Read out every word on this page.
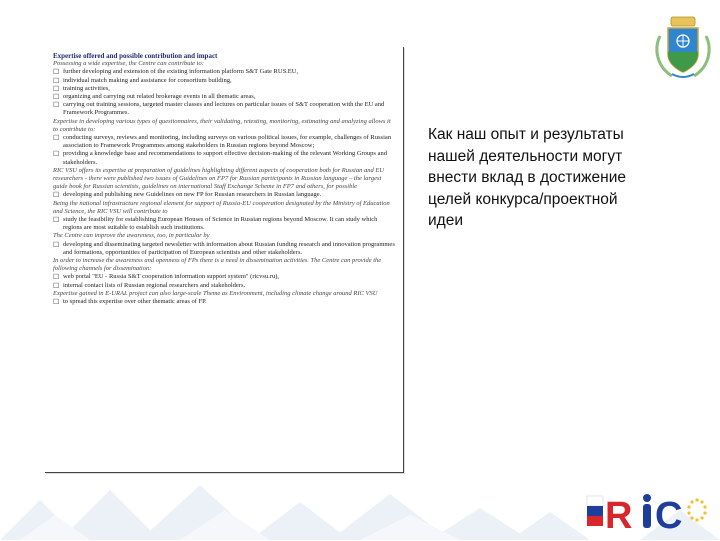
Expertise offered and possible contribution and impact
Possessing a wide expertise, the Centre can contribute to:
☐ further developing and extension of the existing information platform S&T Gate RUS.EU,
☐ individual match making and assistance for consortium building,
☐ training activities,
☐ organizing and carrying out related brokerage events in all thematic areas,
☐ carrying out training sessions, targeted master classes and lectures on particular issues of S&T cooperation with the EU and Framework Programmes.
Expertise in developing various types of questionnaires, their validating, retesting, monitoring, estimating and analyzing allows it to contribute to:
☐ conducting surveys, reviews and monitoring, including surveys on various political issues, for example, challenges of Russian association to Framework Programmes among stakeholders in Russian regions beyond Moscow;
☐ providing a knowledge base and recommendations to support effective decision-making of the relevant Working Groups and stakeholders.
RIC VSU offers its expertise at preparation of guidelines highlighting different aspects of cooperation both for Russian and EU researchers - there were published two issues of Guidelines on FP7 for Russian participants in Russian language – the largest guide book for Russian scientists, guidelines on international Staff Exchange Scheme in FP7 and others, for possible
☐ developing and publishing new Guidelines on new FP for Russian researchers in Russian language.
Being the national infrastructure regional element for support of Russia-EU cooperation designated by the Ministry of Education and Science, the RIC VSU will contribute to
☐ study the feasibility for establishing European Houses of Science in Russian regions beyond Moscow. It can study which regions are most suitable to establish such institutions.
The Centre can improve the awareness, too, in particular by
☐ developing and disseminating targeted newsletter with information about Russian funding research and innovation programmes and formations, opportunities of participation of European scientists and other stakeholders.
In order to increase the awareness and openness of FPs there is a need in dissemination activities. The Centre can provide the following channels for dissemination:
☐ web portal "EU - Russia S&T cooperation information support system" (ricvsu.ru),
☐ internal contact lists of Russian regional researchers and stakeholders.
Expertise gained in E-URAL project can also large-scale Theme as Environment, including climate change around RIC VSU
☐ to spread this expertise over other thematic areas of FP.
Как наш опыт и результаты нашей деятельности могут внести вклад в достижение целей конкурса/проектной идеи
R C
